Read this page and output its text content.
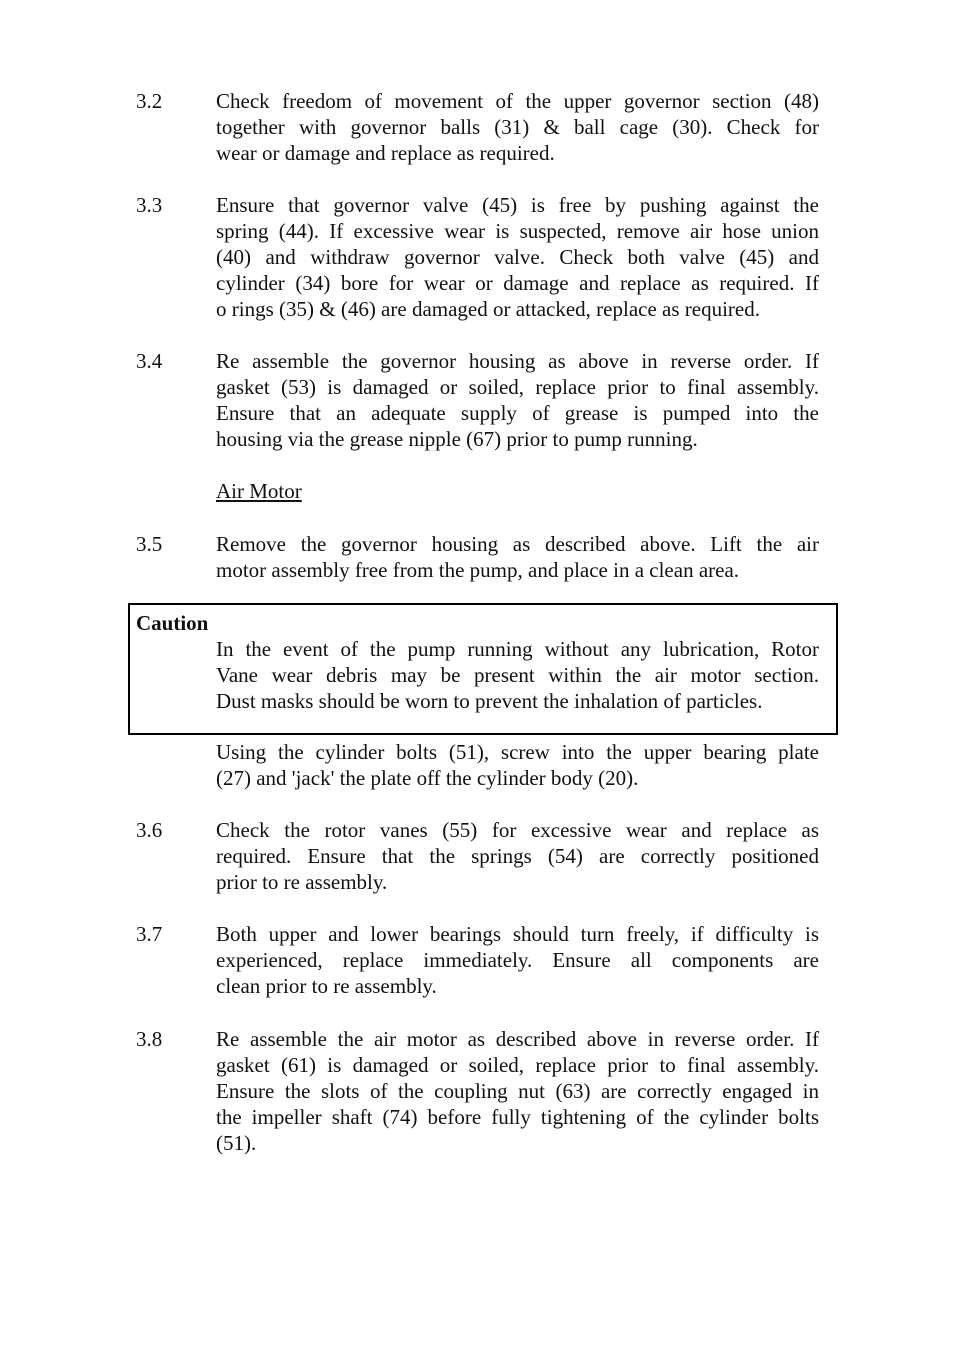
3.2	Check freedom of movement of the upper governor section (48)
together with governor balls (31) & ball cage (30). Check for
wear or damage and replace as required.
3.3	Ensure that governor valve (45) is free by pushing against the
spring (44). If excessive wear is suspected, remove air hose union
(40) and withdraw governor valve. Check both valve (45) and
cylinder (34) bore for wear or damage and replace as required. If
o rings (35) & (46) are damaged or attacked, replace as required.
3.4	Re assemble the governor housing as above in reverse order. If
gasket (53) is damaged or soiled, replace prior to final assembly.
Ensure that an adequate supply of grease is pumped into the
housing via the grease nipple (67) prior to pump running.
Air Motor
3.5	Remove the governor housing as described above. Lift the air
motor assembly free from the pump, and place in a clean area.
Caution
In the event of the pump running without any lubrication, Rotor
Vane wear debris may be present within the air motor section.
Dust masks should be worn to prevent the inhalation of particles.
Using the cylinder bolts (51), screw into the upper bearing plate
(27) and 'jack' the plate off the cylinder body (20).
3.6	Check the rotor vanes (55) for excessive wear and replace as
required. Ensure that the springs (54) are correctly positioned
prior to re assembly.
3.7	Both upper and lower bearings should turn freely, if difficulty is
experienced, replace immediately. Ensure all components are
clean prior to re assembly.
3.8	Re assemble the air motor as described above in reverse order. If
gasket (61) is damaged or soiled, replace prior to final assembly.
Ensure the slots of the coupling nut (63) are correctly engaged in
the impeller shaft (74) before fully tightening of the cylinder bolts
(51).
